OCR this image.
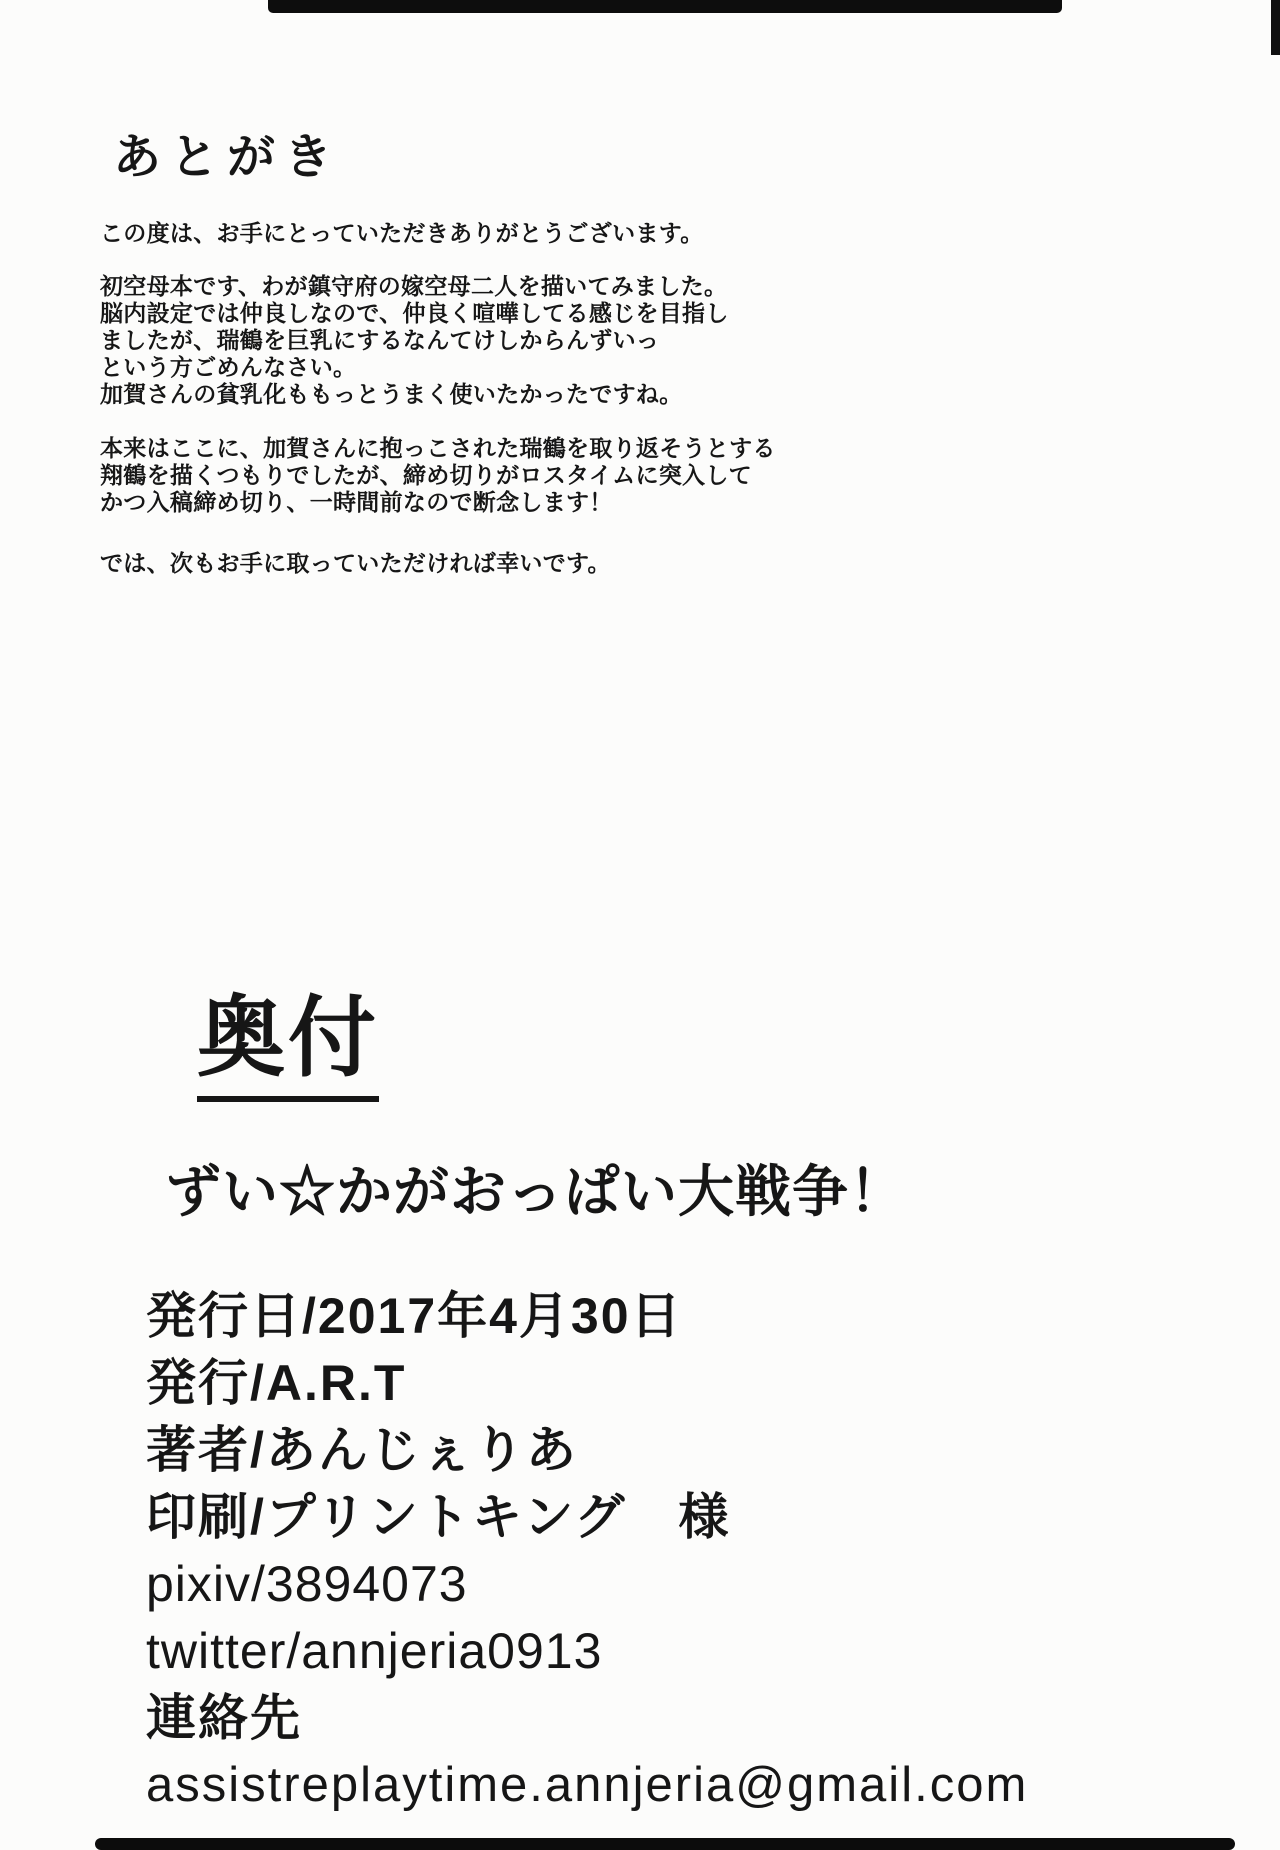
あとがき
この度は、お手にとっていただきありがとうございます。
初空母本です、わが鎮守府の嫁空母二人を描いてみました。
脳内設定では仲良しなので、仲良く喧嘩してる感じを目指し
ましたが、瑞鶴を巨乳にするなんてけしからんずいっ
という方ごめんなさい。
加賀さんの貧乳化ももっとうまく使いたかったですね。
本来はここに、加賀さんに抱っこされた瑞鶴を取り返そうとする
翔鶴を描くつもりでしたが、締め切りがロスタイムに突入して
かつ入稿締め切り、一時間前なので断念します！
では、次もお手に取っていただければ幸いです。
奥付
ずい☆かがおっぱい大戦争！
発行日/2017年4月30日
発行/A.R.T
著者/あんじぇりあ
印刷/プリントキング　様
pixiv/3894073
twitter/annjeria0913
連絡先
assistreplaytime.annjeria@gmail.com
